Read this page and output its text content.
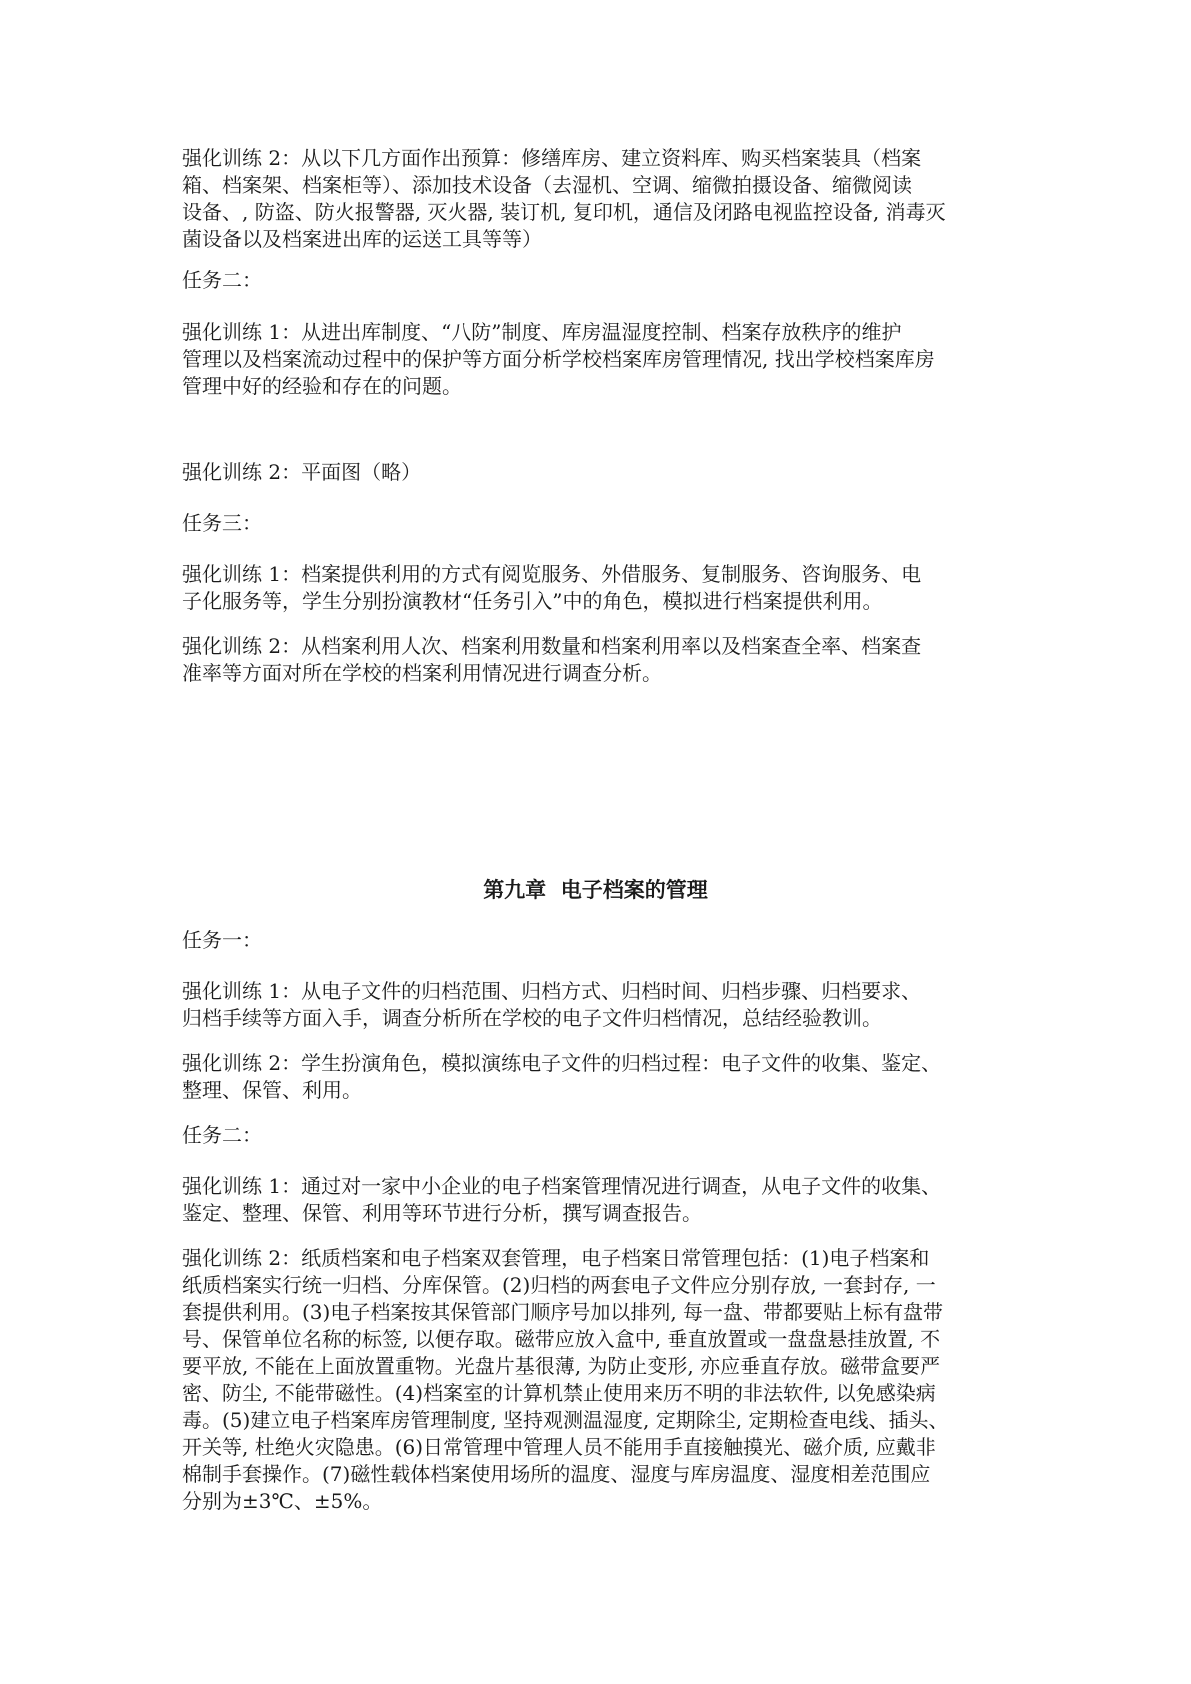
强化训练 2：从以下几方面作出预算：修缮库房、建立资料库、购买档案装具（档案

箱、档案架、档案柜等）、添加技术设备（去湿机、空调、缩微拍摄设备、缩微阅读

设备、, 防盗、防火报警器, 灭火器, 装订机, 复印机，通信及闭路电视监控设备, 消毒灭

菌设备以及档案进出库的运送工具等等）

任务二：

强化训练 1：从进出库制度、“八防”制度、库房温湿度控制、档案存放秩序的维护

管理以及档案流动过程中的保护等方面分析学校档案库房管理情况, 找出学校档案库房

管理中好的经验和存在的问题。

强化训练 2：平面图（略）

任务三：

强化训练 1：档案提供利用的方式有阅览服务、外借服务、复制服务、咨询服务、电

子化服务等，学生分别扮演教材“任务引入”中的角色，模拟进行档案提供利用。

强化训练 2：从档案利用人次、档案利用数量和档案利用率以及档案查全率、档案查

准率等方面对所在学校的档案利用情况进行调查分析。

第九章  电子档案的管理

任务一：

强化训练 1：从电子文件的归档范围、归档方式、归档时间、归档步骤、归档要求、

归档手续等方面入手，调查分析所在学校的电子文件归档情况，总结经验教训。

强化训练 2：学生扮演角色，模拟演练电子文件的归档过程：电子文件的收集、鉴定、

整理、保管、利用。

任务二：

强化训练 1：通过对一家中小企业的电子档案管理情况进行调查，从电子文件的收集、

鉴定、整理、保管、利用等环节进行分析，撰写调查报告。

强化训练 2：纸质档案和电子档案双套管理，电子档案日常管理包括：(1)电子档案和

纸质档案实行统一归档、分库保管。(2)归档的两套电子文件应分别存放, 一套封存, 一

套提供利用。(3)电子档案按其保管部门顺序号加以排列, 每一盘、带都要贴上标有盘带

号、保管单位名称的标签, 以便存取。磁带应放入盒中, 垂直放置或一盘盘悬挂放置, 不

要平放, 不能在上面放置重物。光盘片基很薄, 为防止变形, 亦应垂直存放。磁带盒要严

密、防尘, 不能带磁性。(4)档案室的计算机禁止使用来历不明的非法软件, 以免感染病

毒。(5)建立电子档案库房管理制度, 坚持观测温湿度, 定期除尘, 定期检查电线、插头、

开关等, 杜绝火灾隐患。(6)日常管理中管理人员不能用手直接触摸光、磁介质, 应戴非

棉制手套操作。(7)磁性载体档案使用场所的温度、湿度与库房温度、湿度相差范围应

分别为±3℃、±5%。
